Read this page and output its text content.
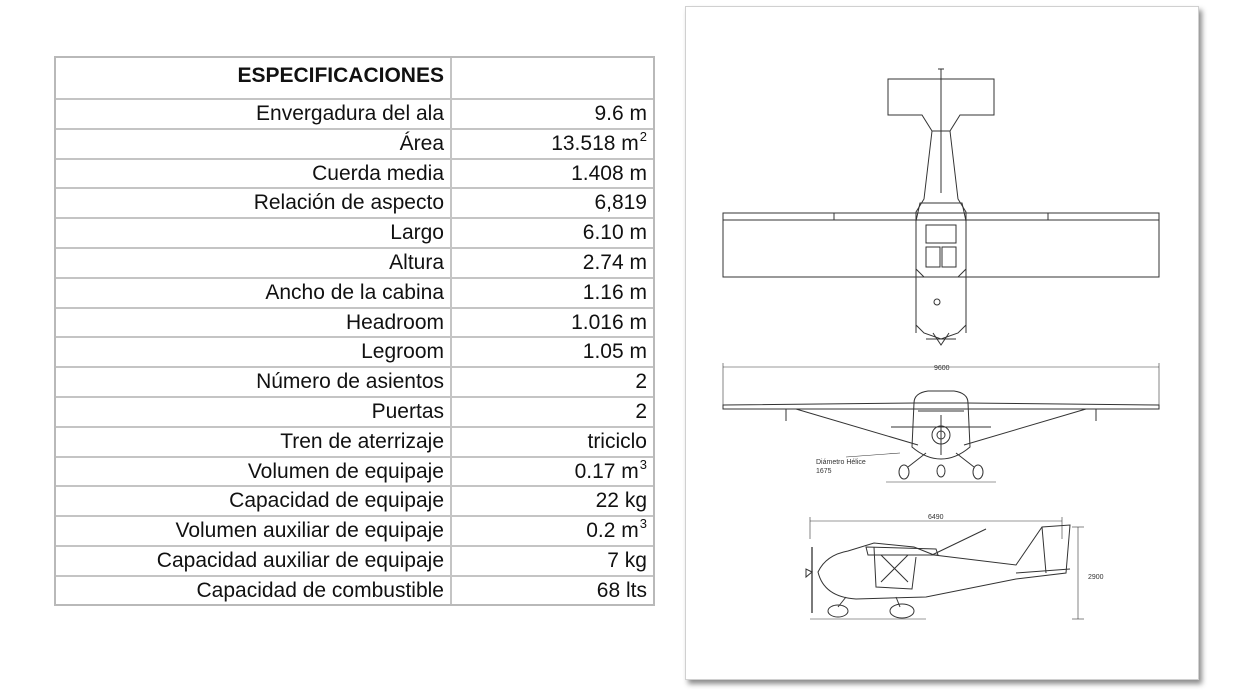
ESPECIFICACIONES
Envergadura del ala	9.6 m
Área	13.518 $m^2$
Cuerda media	1.408 m
Relación de aspecto	6,819
Largo	6.10 m
Altura	2.74 m
Ancho de la cabina	1.16 m
Headroom	1.016 m
Legroom	1.05 m
Número de asientos	2
Puertas	2
Tren de aterrizaje	triciclo
Volumen de equipaje	0.17 $m^3$
Capacidad de equipaje	22 kg
Volumen auxiliar de equipaje	0.2 $m^3$
Capacidad auxiliar de equipaje	7 kg
Capacidad de combustible	68 lts
9600
Diámetro Hélice
1675
6490
2900
